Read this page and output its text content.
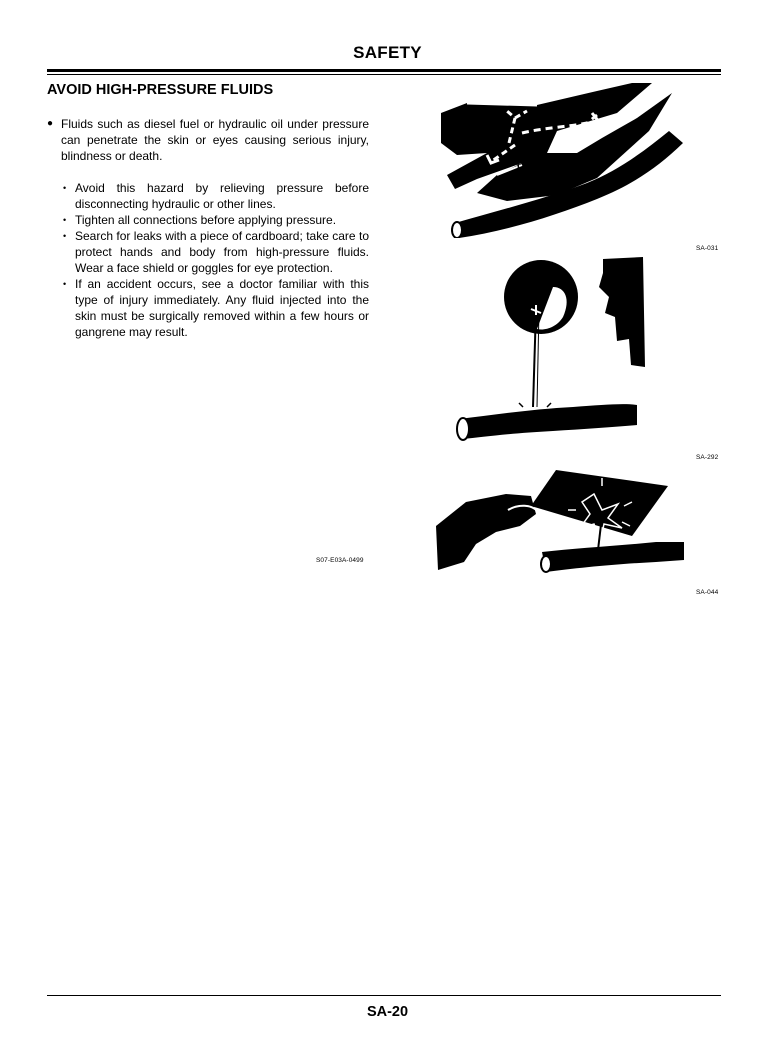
SAFETY
AVOID HIGH-PRESSURE FLUIDS

● Fluids such as diesel fuel or hydraulic oil under pressure can penetrate the skin or eyes causing serious injury, blindness or death.

• Avoid this hazard by relieving pressure before disconnecting hydraulic or other lines.
• Tighten all connections before applying pressure.
• Search for leaks with a piece of cardboard; take care to protect hands and body from high-pressure fluids. Wear a face shield or goggles for eye protection.
• If an accident occurs, see a doctor familiar with this type of injury immediately. Any fluid injected into the skin must be surgically removed within a few hours or gangrene may result.
S07-E03A-0499
SA-031
SA-292
SA-044
SA-20
